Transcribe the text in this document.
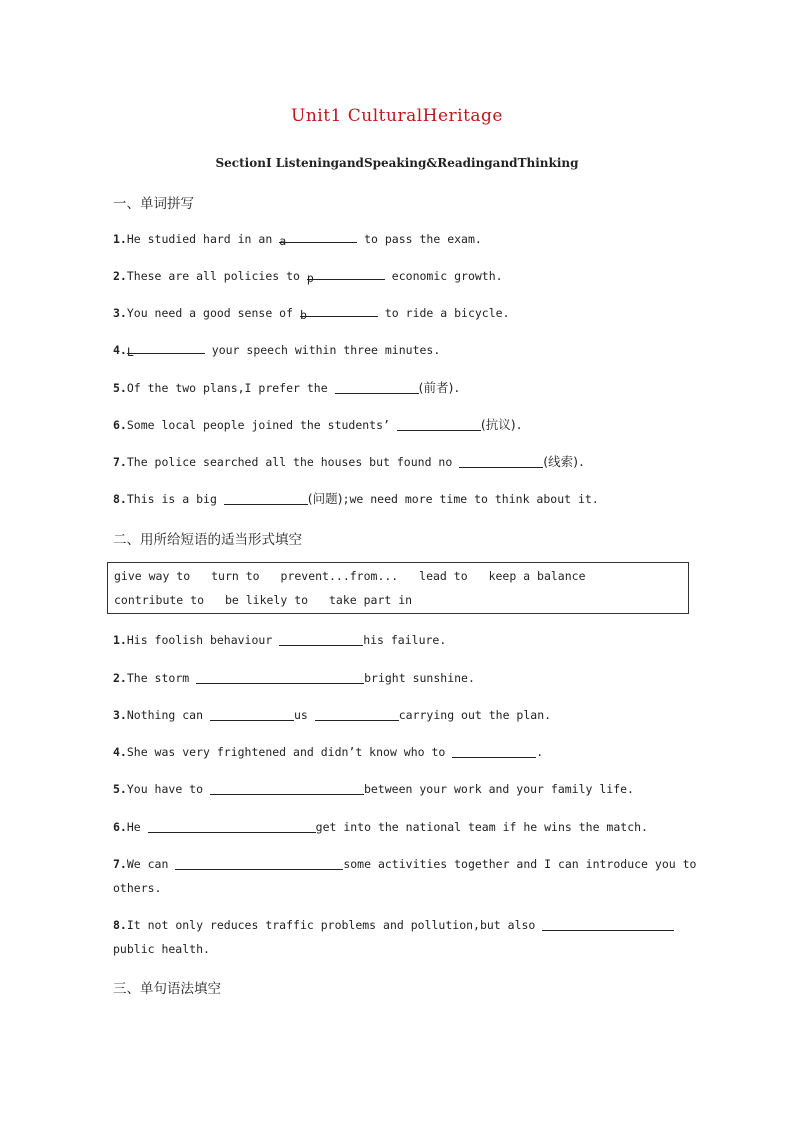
Unit1 CulturalHeritage
SectionⅠ ListeningandSpeaking&ReadingandThinking
一、单词拼写
1.He studied hard in an a	to pass the exam.
2.These are all policies to p	economic growth.
3.You need a good sense of b	to ride a bicycle.
4.L	your speech within three minutes.
5.Of the two plans,I prefer the	(前者).
6.Some local people joined the students’	(抗议).
7.The police searched all the houses but found no	(线索).
8.This is a big	(问题);we need more time to think about it.
二、用所给短语的适当形式填空
give way to turn to prevent...from... lead to keep a balance
contribute to be likely to take part in
1.His foolish behaviour	his failure.
2.The storm	bright sunshine.
3.Nothing can	us	carrying out the plan.
4.She was very frightened and didn’t know who to	.
5.You have to	between your work and your family life.
6.He	get into the national team if he wins the match.
7.We can	some activities together and I can introduce you to
others.
8.It not only reduces traffic problems and pollution,but also
public health.
三、单句语法填空
